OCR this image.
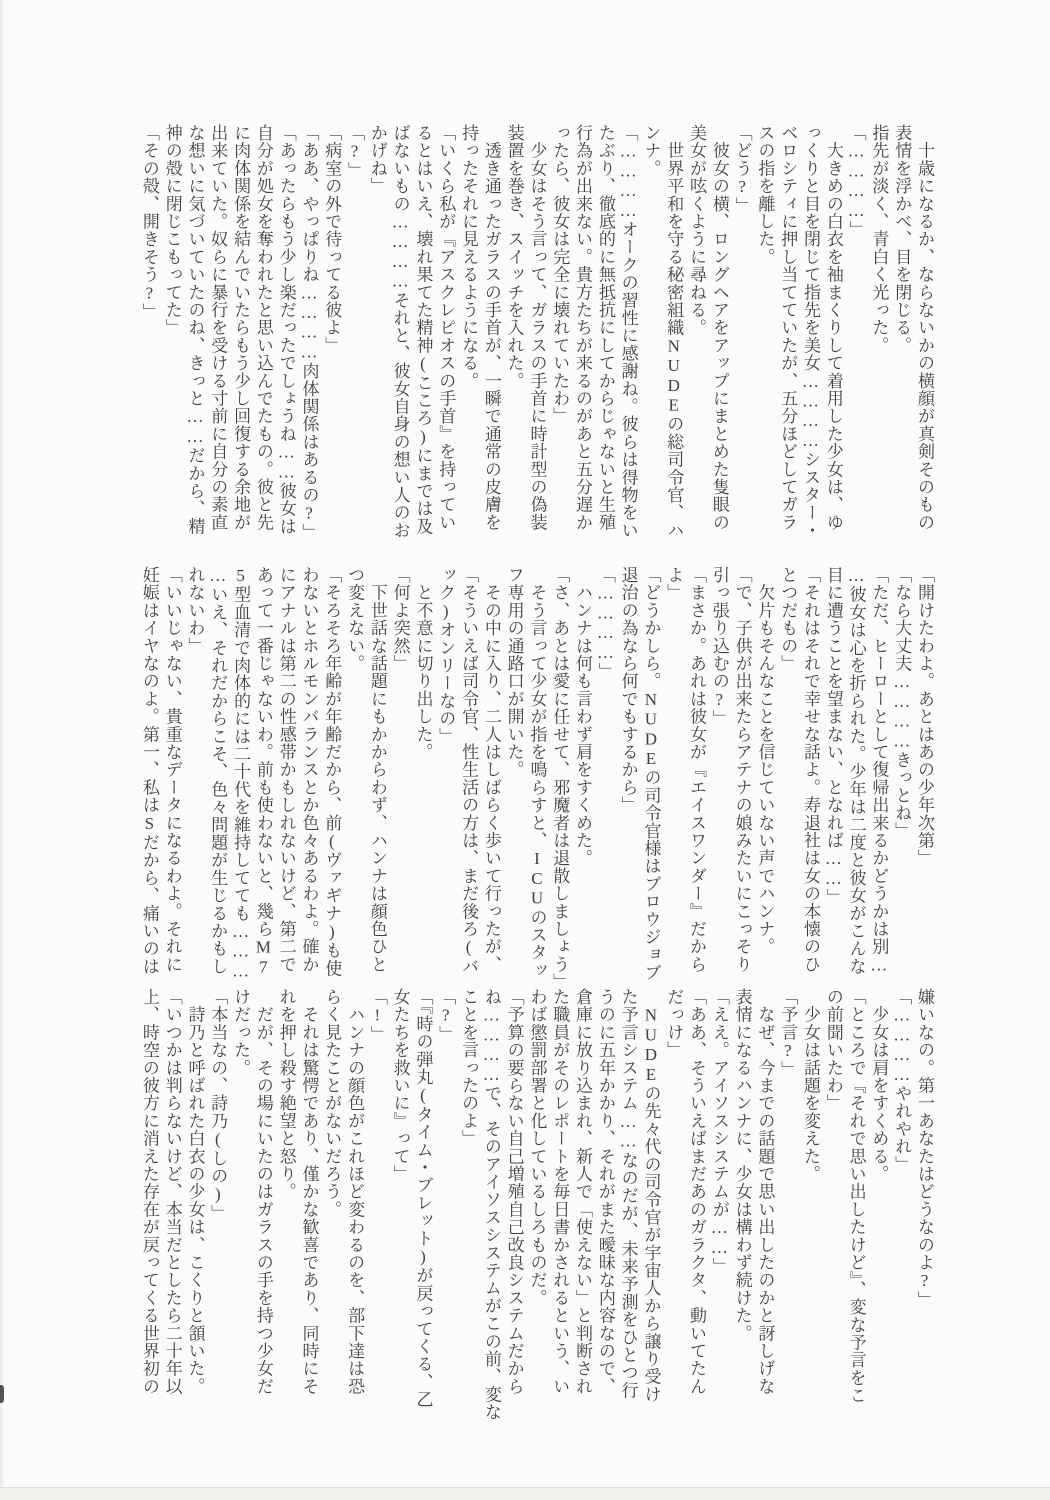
　十歳になるか、ならないかの横顔が真剣そのもの
表情を浮かべ、目を閉じる。
指先が淡く、青白く光った。
「…………」
　大きめの白衣を袖まくりして着用した少女は、ゆ
っくりと目を閉じて指先を美女…………シスター・
ベロシティに押し当てていたが、五分ほどしてガラ
スの指を離した。
「どう?」
　彼女の横、ロングヘアをアップにまとめた隻眼の
美女が呟くように尋ねる。
　世界平和を守る秘密組織NUDEの総司令官、ハ
ンナ。
「…………オークの習性に感謝ね。彼らは得物をい
たぶり、徹底的に無抵抗にしてからじゃないと生殖
行為が出来ない。貴方たちが来るのがあと五分遅か
ったら、彼女は完全に壊れていたわ」
　少女はそう言って、ガラスの手首に時計型の偽装
装置を巻き、スイッチを入れた。
　透き通ったガラスの手首が、一瞬で通常の皮膚を
持ったそれに見えるようになる。
「いくら私が『アスクレピオスの手首』を持ってい
るとはいえ、壊れ果てた精神(こころ)にまでは及
ばないもの…………それと、彼女自身の想い人のお
かげね」
「?」
「病室の外で待ってる彼よ」
「ああ、やっぱりね…………肉体関係はあるの?」
「あったらもう少し楽だったでしょうね……彼女は
自分が処女を奪われたと思い込んでたもの。彼と先
に肉体関係を結んでいたらもう少し回復する余地が
出来ていた。奴らに暴行を受ける寸前に自分の素直
な想いに気づいていたのね、きっと……だから、精
神の殻に閉じこもってた」
「その殻、開きそう?」
「開けたわよ。あとはあの少年次第」
「なら大丈夫…………きっとね」
「ただ、ヒーローとして復帰出来るかどうかは別…
…彼女は心を折られた。少年は二度と彼女がこんな
目に遭うことを望まない、となれば……」
「それはそれで幸せな話よ。寿退社は女の本懐のひ
とつだもの」
　欠片もそんなことを信じていない声でハンナ。
「で、子供が出来たらアテナの娘みたいにこっそり
引っ張り込むの?」
「まさか。あれは彼女が『エイスワンダー』だから
よ」
「どうかしら。NUDEの司令官様はブロウジョブ
退治の為なら何でもするから」
「…………」
　ハンナは何も言わず肩をすくめた。
「さ、あとは愛に任せて、邪魔者は退散しましょう」
　そう言って少女が指を鳴らすと、ICUのスタッ
フ専用の通路口が開いた。
　その中に入り、二人はしばらく歩いて行ったが、
「そういえば司令官、性生活の方は、まだ後ろ(バ
ック)オンリーなの」
　と不意に切り出した。
「何よ突然」
　下世話な話題にもかからわず、ハンナは顔色ひと
つ変えない。
「そろそろ年齢が年齢だから、前(ヴァギナ)も使
わないとホルモンバランスとか色々あるわよ。確か
にアナルは第二の性感帯かもしれないけど、第二で
あって一番じゃないわ。前も使わないと、幾らM7
5型血清で肉体的には二十代を維持してても………
…いえ、それだからこそ、色々問題が生じるかもし
れないわ」
「いいじゃない、貴重なデータになるわよ。それに
妊娠はイヤなのよ。第一、私はSだから、痛いのは
嫌いなの。第一あなたはどうなのよ?」
「…………やれやれ」
　少女は肩をすくめる。
「ところで『それで思い出したけど』、変な予言をこ
の前聞いたわ」
　少女は話題を変えた。
「予言?」
　なぜ、今までの話題で思い出したのかと訝しげな
表情になるハンナに、少女は構わず続けた。
「ええ。アイソスシステムが……」
「ああ、そういえばまだあのガラクタ、動いてたん
だっけ」
　NUDEの先々代の司令官が宇宙人から譲り受け
た予言システム……なのだが、未来予測をひとつ行
うのに五年かかり、それがまた曖昧な内容なので、
倉庫に放り込まれ、新人で「使えない」と判断され
た職員がそのレポートを毎日書かされるという、い
わば懲罰部署と化しているしろものだ。
「予算の要らない自己増殖自己改良システムだから
ね…………で、そのアイソスシステムがこの前、変な
ことを言ったのよ」
「?」
「『時の弾丸(タイム・ブレット)が戻ってくる、乙
女たちを救いに』って」
「!」
　ハンナの顔色がこれほど変わるのを、部下達は恐
らく見たことがないだろう。
　それは驚愕であり、僅かな歓喜であり、同時にそ
れを押し殺す絶望と怒り。
　だが、その場にいたのはガラスの手を持つ少女だ
けだった。
「本当なの、詩乃(しの)」
　詩乃と呼ばれた白衣の少女は、こくりと頷いた。
「いつかは判らないけど、本当だとしたら二十年以
上、時空の彼方に消えた存在が戻ってくる世界初の
